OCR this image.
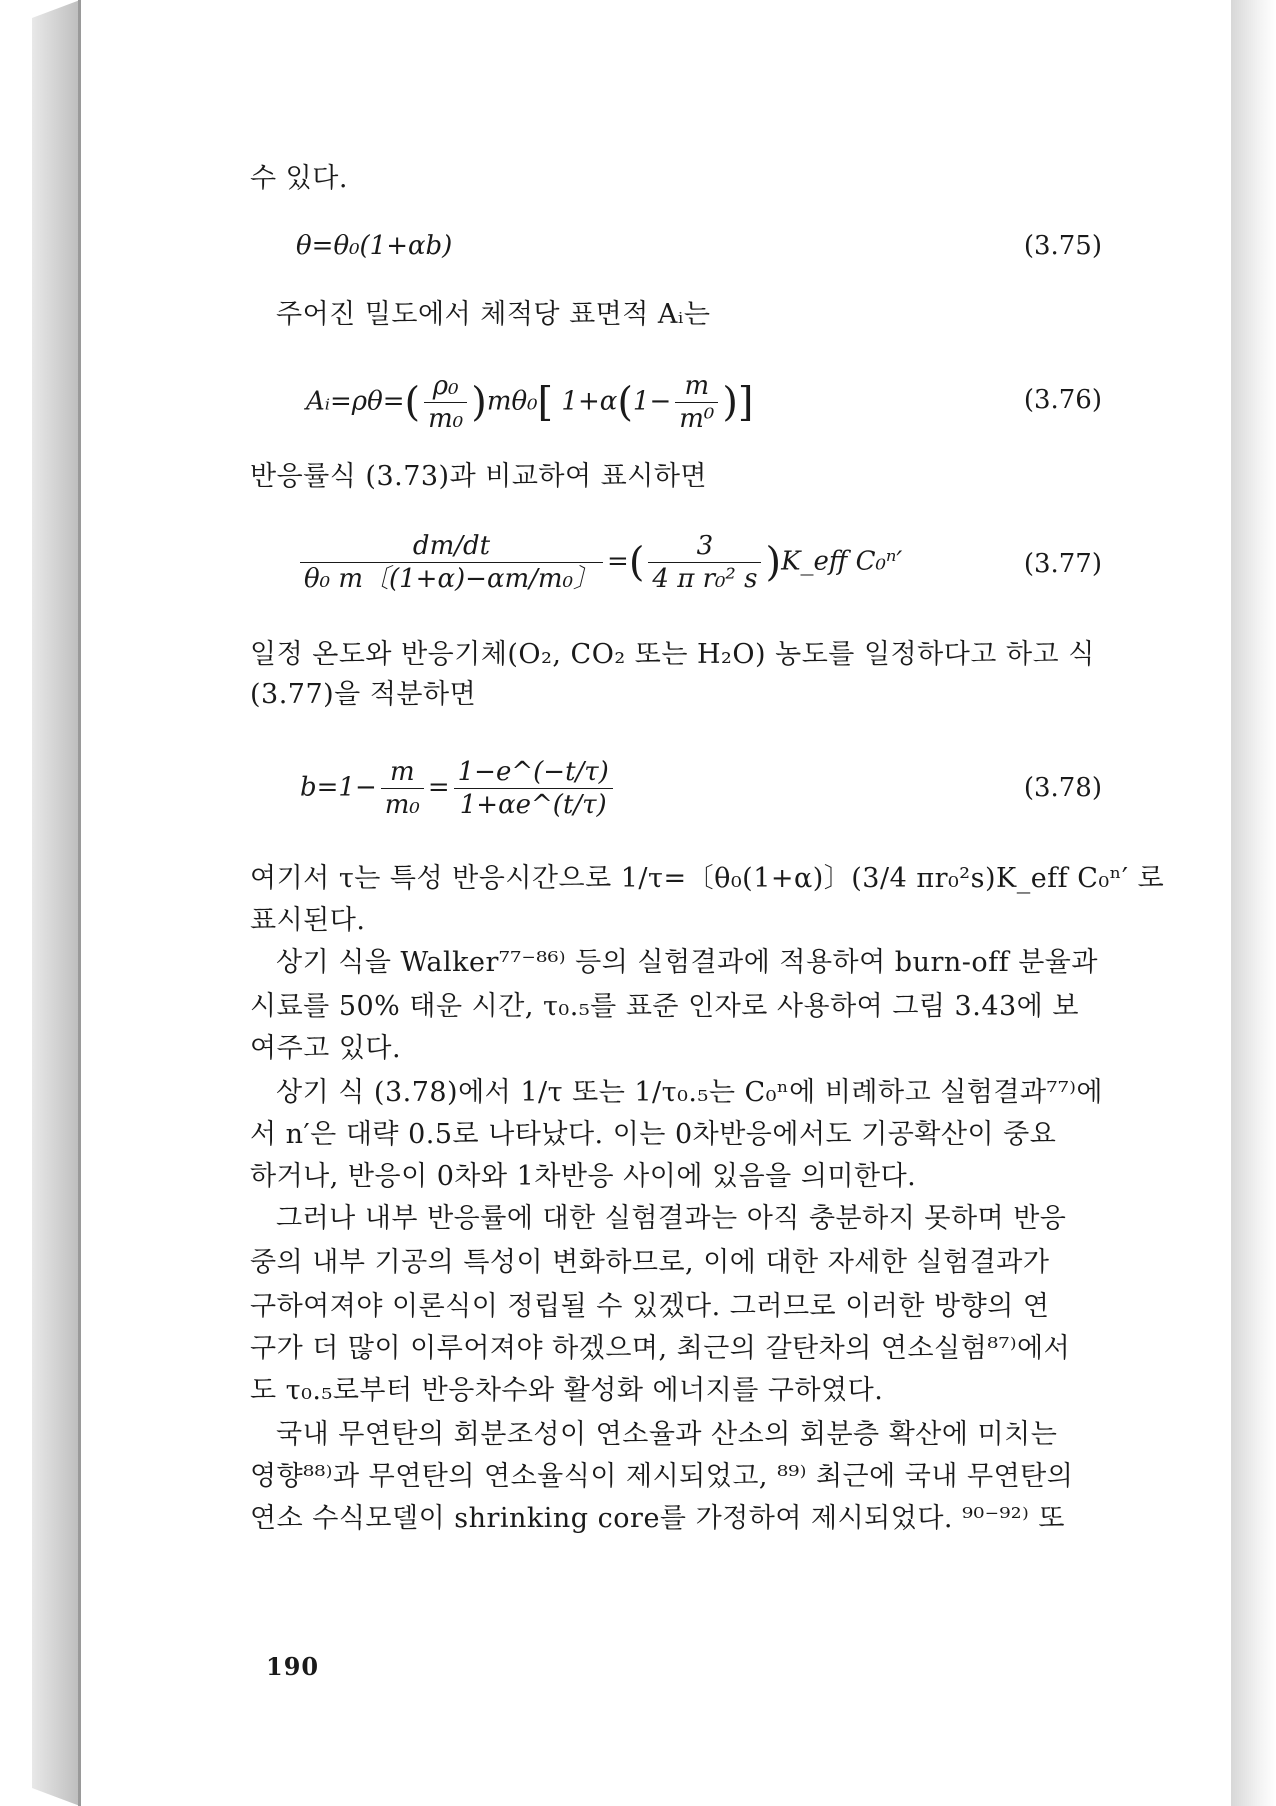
수 있다.
θ=θ₀(1+αb)	(3.75)
주어진 밀도에서 체적당 표면적 Aᵢ는
Aᵢ=ρθ=( $\frac{\text{ρ₀}}{\text{m₀}} )m\theta_0$[ $1+\alpha(1- \frac{m}{\text{m⁰}}$ )]	(3.76)
반응률식 (3.73)과 비교하여 표시하면
$\frac{dm/dt}{\text{θ₀ m〔(1+α)−αm/m₀〕}}$ =( $\frac{3}{\text{4 π r₀² s}}$ )K_eff C₀ⁿ′	(3.77)
일정 온도와 반응기체(O₂, CO₂ 또는 H₂O) 농도를 일정하다고 하고 식
(3.77)을 적분하면
$b=1- \frac{m}{\text{m₀}} = \frac{1-e\^{}(-t/\tau)}{1+\alpha e\^{}(t/\tau)}$	(3.78)
여기서 τ는 특성 반응시간으로 1/τ=〔θ₀(1+α)〕(3/4 πr₀²s)K_eff C₀ⁿ′ 로
표시된다.
상기 식을 Walker⁷⁷⁻⁸⁶⁾ 등의 실험결과에 적용하여 burn-off 분율과
시료를 50% 태운 시간, τ₀.₅를 표준 인자로 사용하여 그림 3.43에 보
여주고 있다.
상기 식 (3.78)에서 1/τ 또는 1/τ₀.₅는 C₀ⁿ에 비례하고 실험결과⁷⁷⁾에
서 n′은 대략 0.5로 나타났다. 이는 0차반응에서도 기공확산이 중요
하거나, 반응이 0차와 1차반응 사이에 있음을 의미한다.
그러나 내부 반응률에 대한 실험결과는 아직 충분하지 못하며 반응
중의 내부 기공의 특성이 변화하므로, 이에 대한 자세한 실험결과가
구하여져야 이론식이 정립될 수 있겠다. 그러므로 이러한 방향의 연
구가 더 많이 이루어져야 하겠으며, 최근의 갈탄차의 연소실험⁸⁷⁾에서
도 τ₀.₅로부터 반응차수와 활성화 에너지를 구하였다.
국내 무연탄의 회분조성이 연소율과 산소의 회분층 확산에 미치는
영향⁸⁸⁾과 무연탄의 연소율식이 제시되었고, ⁸⁹⁾ 최근에 국내 무연탄의
연소 수식모델이 shrinking core를 가정하여 제시되었다. ⁹⁰⁻⁹²⁾ 또
190
